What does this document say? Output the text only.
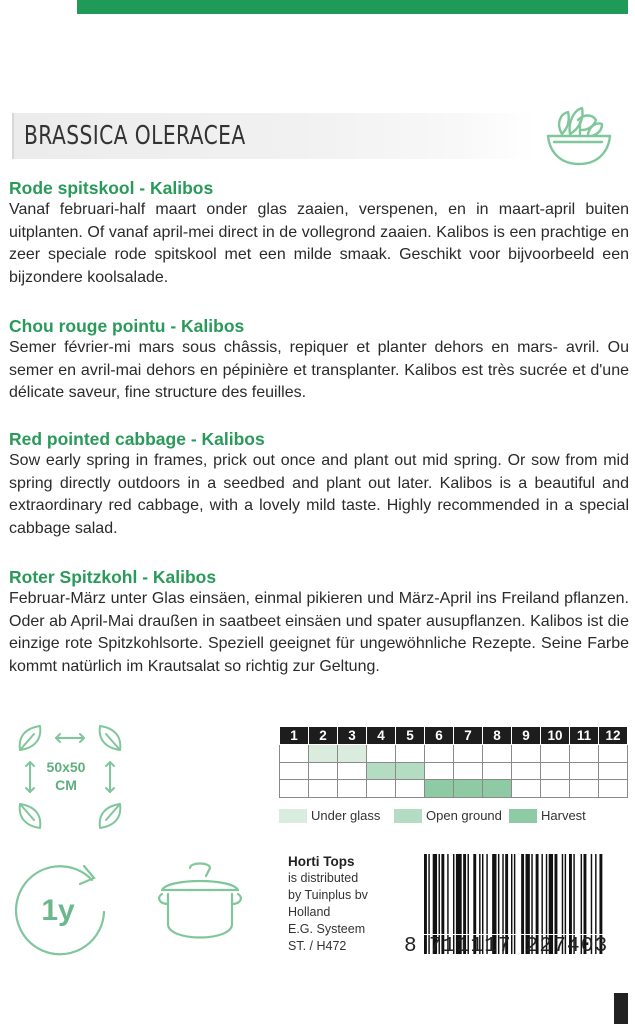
BRASSICA OLERACEA
Rode spitskool - Kalibos

Vanaf februari-half maart onder glas zaaien, verspenen, en in maart-april buiten uitplanten. Of vanaf april-mei direct in de vollegrond zaaien. Kalibos is een prachtige en zeer speciale rode spitskool met een milde smaak. Geschikt voor bijvoorbeeld een bijzondere koolsalade.

Chou rouge pointu - Kalibos

Semer février-mi mars sous châssis, repiquer et planter dehors en mars- avril. Ou semer en avril-mai dehors en pépinière et transplanter. Kalibos est très sucrée et d'une délicate saveur, fine structure des feuilles.

Red pointed cabbage - Kalibos

Sow early spring in frames, prick out once and plant out mid spring. Or sow from mid spring directly outdoors in a seedbed and plant out later. Kalibos is a beautiful and extraordinary red cabbage, with a lovely mild taste. Highly recommended in a special cabbage salad.

Roter Spitzkohl - Kalibos

Februar-März unter Glas einsäen, einmal pikieren und März-April ins Freiland pflanzen. Oder ab April-Mai draußen in saatbeet einsäen und spater ausupflanzen. Kalibos ist die einzige rote Spitzkohlsorte. Speziell geeignet für ungewöhnliche Rezepte. Seine Farbe kommt natürlich im Krautsalat so richtig zur Geltung.

50x50
CM
1y
1	2	3	4	5	6	7	8	9	10	11	12

Under glass	Open ground	Harvest
Horti Tops
is distributed
by Tuinplus bv
Holland
E.G. Systeem
ST. / H472	8 711117 227403
